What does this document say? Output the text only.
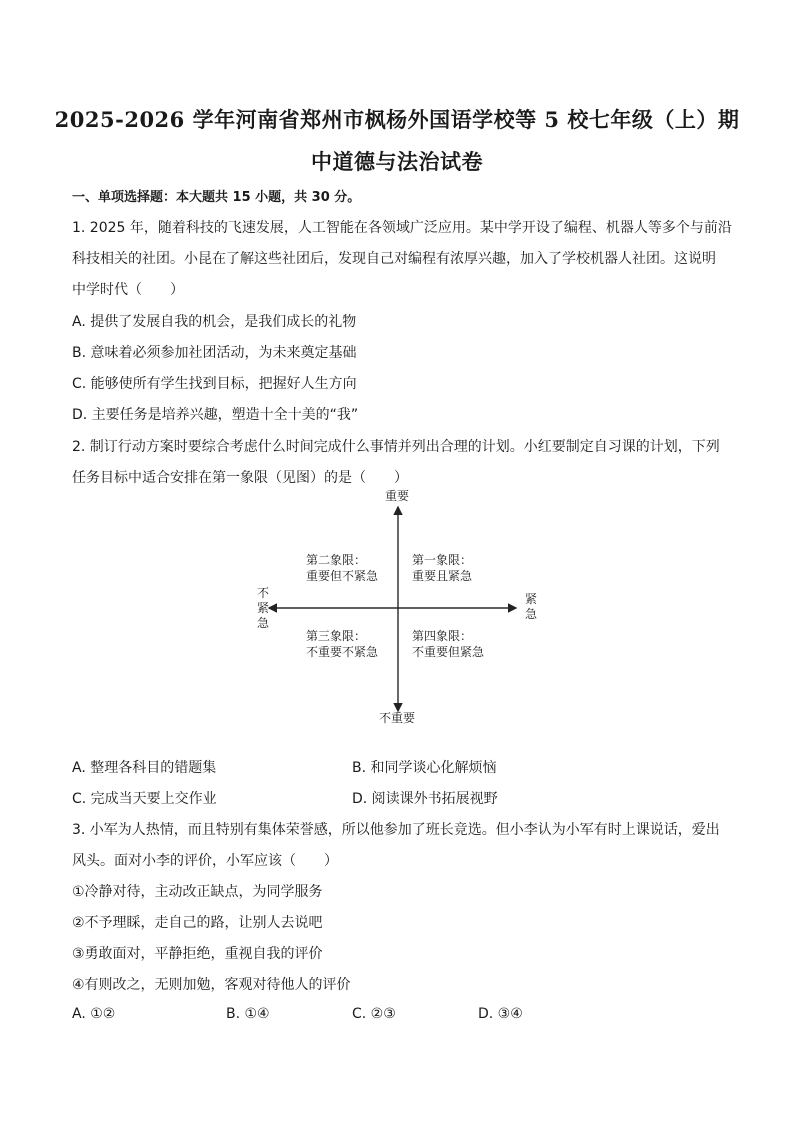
2025-2026 学年河南省郑州市枫杨外国语学校等 5 校七年级（上）期
中道德与法治试卷
一、单项选择题：本大题共 15 小题，共 30 分。
1. 2025 年，随着科技的飞速发展，人工智能在各领域广泛应用。某中学开设了编程、机器人等多个与前沿
科技相关的社团。小昆在了解这些社团后，发现自己对编程有浓厚兴趣，加入了学校机器人社团。这说明
中学时代（　　）
A. 提供了发展自我的机会，是我们成长的礼物
B. 意味着必须参加社团活动，为未来奠定基础
C. 能够使所有学生找到目标，把握好人生方向
D. 主要任务是培养兴趣，塑造十全十美的“我”
2. 制订行动方案时要综合考虑什么时间完成什么事情并列出合理的计划。小红要制定自习课的计划，下列
任务目标中适合安排在第一象限（见图）的是（　　）
重要
不重要
不紧急
紧急
第二象限：
重要但不紧急
第一象限：
重要且紧急
第三象限：
不重要不紧急
第四象限：
不重要但紧急
A. 整理各科目的错题集	B. 和同学谈心化解烦恼
C. 完成当天要上交作业	D. 阅读课外书拓展视野
3. 小军为人热情，而且特别有集体荣誉感，所以他参加了班长竞选。但小李认为小军有时上课说话，爱出
风头。面对小李的评价，小军应该（　　）
①冷静对待，主动改正缺点，为同学服务
②不予理睬，走自己的路，让别人去说吧
③勇敢面对，平静拒绝，重视自我的评价
④有则改之，无则加勉，客观对待他人的评价
A. ①②	B. ①④	C. ②③	D. ③④
